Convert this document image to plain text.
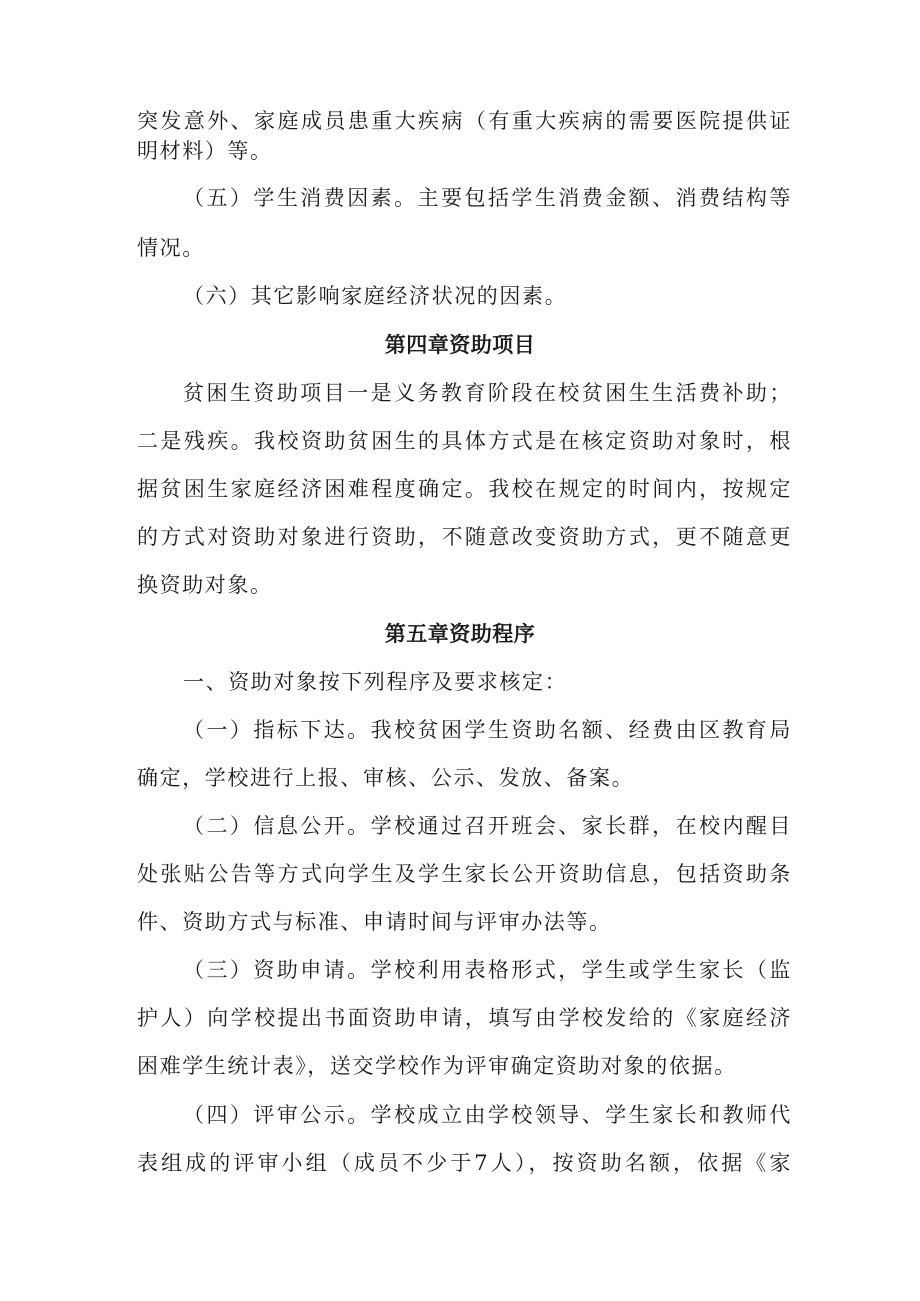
突发意外、家庭成员患重大疾病（有重大疾病的需要医院提供证
明材料）等。
（五）学生消费因素。主要包括学生消费金额、消费结构等
情况。
（六）其它影响家庭经济状况的因素。
第四章资助项目
贫困生资助项目一是义务教育阶段在校贫困生生活费补助；
二是残疾。我校资助贫困生的具体方式是在核定资助对象时，根
据贫困生家庭经济困难程度确定。我校在规定的时间内，按规定
的方式对资助对象进行资助，不随意改变资助方式，更不随意更
换资助对象。
第五章资助程序
一、资助对象按下列程序及要求核定：
（一）指标下达。我校贫困学生资助名额、经费由区教育局
确定，学校进行上报、审核、公示、发放、备案。
（二）信息公开。学校通过召开班会、家长群，在校内醒目
处张贴公告等方式向学生及学生家长公开资助信息，包括资助条
件、资助方式与标准、申请时间与评审办法等。
（三）资助申请。学校利用表格形式，学生或学生家长（监
护人）向学校提出书面资助申请，填写由学校发给的《家庭经济
困难学生统计表》，送交学校作为评审确定资助对象的依据。
（四）评审公示。学校成立由学校领导、学生家长和教师代
表组成的评审小组（成员不少于7人），按资助名额，依据《家
